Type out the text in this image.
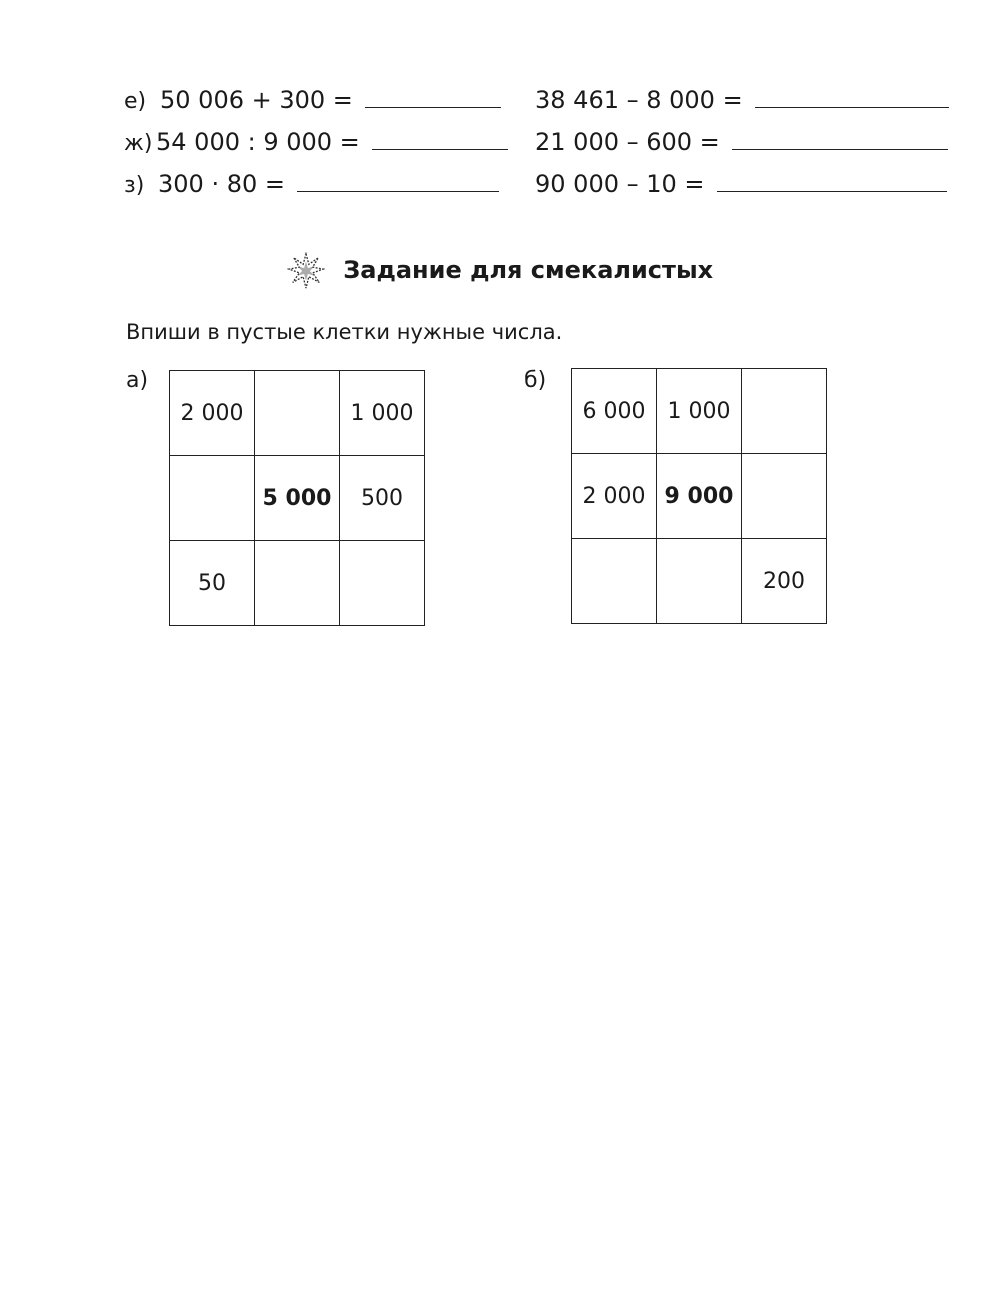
е) 50 006 + 300 =
ж) 54 000 : 9 000 =
з) 300 · 80 =
38 461 – 8 000 =
21 000 – 600 =
90 000 – 10 =
Задание для смекалистых
Впиши в пустые клетки нужные числа.
а)
2 000		1 000
	5 000	500
50		
б)
6 000	1 000	
2 000	9 000	
		200
